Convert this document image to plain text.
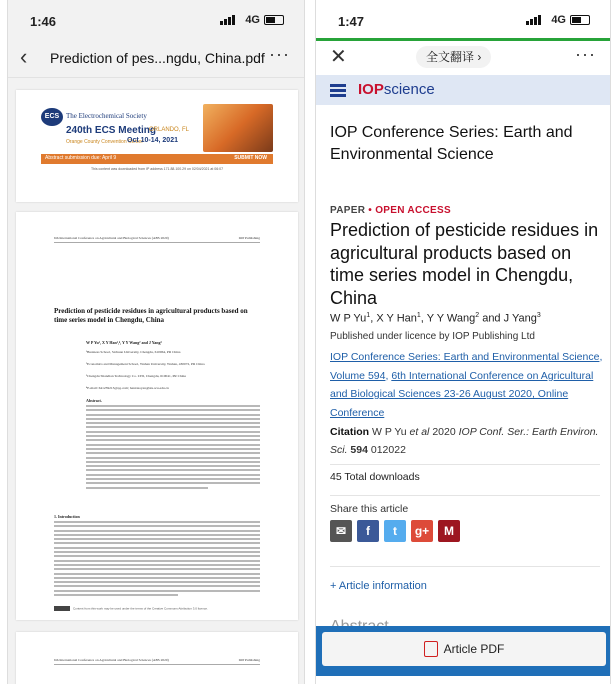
1:46	4G
‹ Prediction of pes...ngdu, China.pdf ···
ECS The Electrochemical Society
240th ECS Meeting
ORLANDO, FL
Orange County Convention Center
Oct 10-14, 2021
Abstract submission due: April 9	SUBMIT NOW
This content was downloaded from IP address 171.88.100.29 on 02/04/2021 at 06:07
6th International Conference on Agricultural and Biological Sciences (ABS 2020)	IOP Publishing
Prediction of pesticide residues in agricultural products based on time series model in Chengdu, China
W P Yu¹, X Y Han¹,⁴, Y Y Wang² and J Yang³
¹Business School, Sichuan University, Chengdu, 610064, PR China
²Economics and Management School, Wuhan University, Wuhan, 430072, PR China
³Chengdu Shandian Technology Co. LTD, Chengdu, 610041, PR China
⁴E-mail: 641239213@qq.com; hanxiaoyan@stu.scu.edu.cn
Abstract.
1. Introduction
Content from this work may be used under the terms of the Creative Commons Attribution 3.0 licence.
6th International Conference on Agricultural and Biological Sciences (ABS 2020)	IOP Publishing
1:47	4G
✕	全文翻译 ›	···
IOPscience
IOP Conference Series: Earth and Environmental Science
PAPER • OPEN ACCESS
Prediction of pesticide residues in agricultural products based on time series model in Chengdu, China
W P Yu$^1$, X Y Han$^1$, Y Y Wang$^2$ and J Yang$^3$
Published under licence by IOP Publishing Ltd
IOP Conference Series: Earth and Environmental Science, Volume 594, 6th International Conference on Agricultural and Biological Sciences 23-26 August 2020, Online Conference
Citation W P Yu et al 2020 IOP Conf. Ser.: Earth Environ. Sci. 594 012022
45 Total downloads
Share this article
✉	f	t	g+	M
+ Article information
Article PDF
